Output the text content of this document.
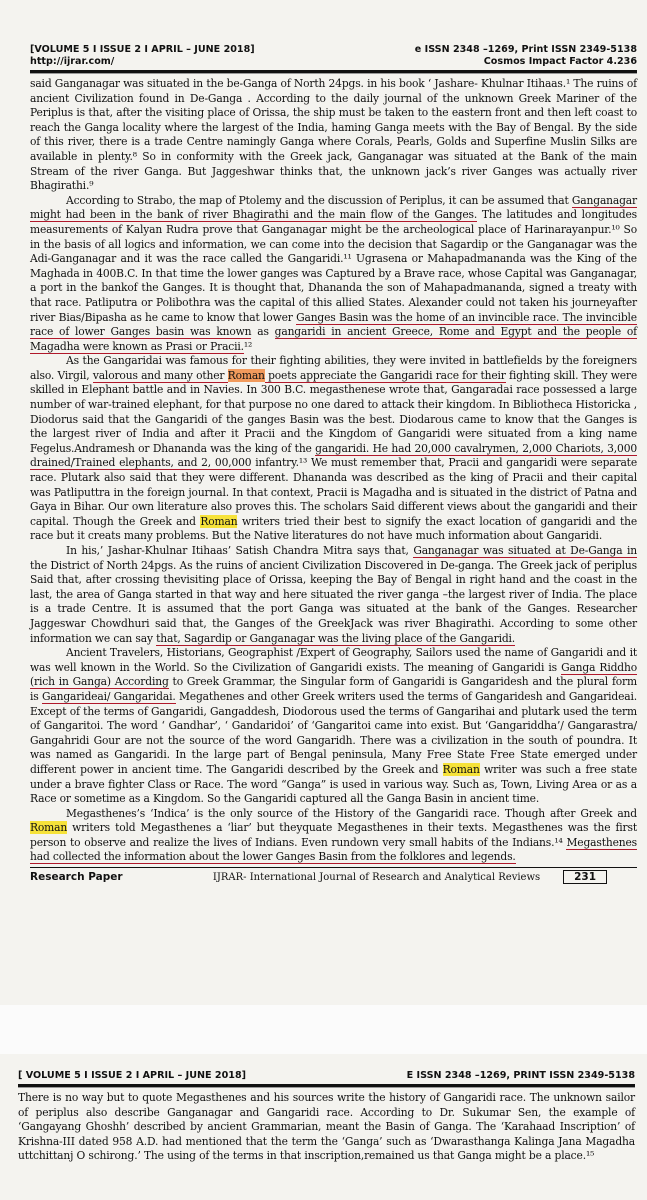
[VOLUME 5 I ISSUE 2 I APRIL – JUNE 2018]
http://ijrar.com/
e ISSN 2348 –1269, Print ISSN 2349-5138
Cosmos Impact Factor 4.236

said Ganganagar was situated in the be-Ganga of North 24pgs. in his book ‘ Jashare- Khulnar Itihaas.¹ The ruins of ancient Civilization found in De-Ganga . According to the daily journal of the unknown Greek Mariner of the Periplus is that, after the visiting place of Orissa, the ship must be taken to the eastern front and then left coast to reach the Ganga locality where the largest of the India, haming Ganga meets with the Bay of Bengal. By the side of this river, there is a trade Centre namingly Ganga where Corals, Pearls, Golds and Superfine Muslin Silks are available in plenty.⁸ So in conformity with the Greek jack, Ganganagar was situated at the Bank of the main Stream of the river Ganga. But Jaggeshwar thinks that, the unknown jack’s river Ganges was actually river Bhagirathi.⁹

According to Strabo, the map of Ptolemy and the discussion of Periplus, it can be assumed that Ganganagar might had been in the bank of river Bhagirathi and the main flow of the Ganges. The latitudes and longitudes measurements of Kalyan Rudra prove that Ganganagar might be the archeological place of Harinarayanpur.¹⁰ So in the basis of all logics and information, we can come into the decision that Sagardip or the Ganganagar was the Adi-Ganganagar and it was the race called the Gangaridi.¹¹ Ugrasena or Mahapadmananda was the King of the Maghada in 400B.C. In that time the lower ganges was Captured by a Brave race, whose Capital was Ganganagar, a port in the bankof the Ganges. It is thought that, Dhananda the son of Mahapadmananda, signed a treaty with that race. Patliputra or Polibothra was the capital of this allied States. Alexander could not taken his journeyafter river Bias/Bipasha as he came to know that lower Ganges Basin was the home of an invincible race. The invincible race of lower Ganges basin was known as gangaridi in ancient Greece, Rome and Egypt and the people of Magadha were known as Prasi or Pracii.¹²

As the Gangaridai was famous for their fighting abilities, they were invited in battlefields by the foreigners also. Virgil, valorous and many other Roman poets appreciate the Gangaridi race for their fighting skill. They were skilled in Elephant battle and in Navies. In 300 B.C. megasthenese wrote that, Gangaradai race possessed a large number of war-trained elephant, for that purpose no one dared to attack their kingdom. In Bibliotheca Historicka , Diodorus said that the Gangaridi of the ganges Basin was the best. Diodarous came to know that the Ganges is the largest river of India and after it Pracii and the Kingdom of Gangaridi were situated from a king name Fegelus.Andramesh or Dhananda was the king of the gangaridi. He had 20,000 cavalrymen, 2,000 Chariots, 3,000 drained/Trained elephants, and 2, 00,000 infantry.¹³ We must remember that, Pracii and gangaridi were separate race. Plutark also said that they were different. Dhananda was described as the king of Pracii and their capital was Patliputtra in the foreign journal. In that context, Pracii is Magadha and is situated in the district of Patna and Gaya in Bihar. Our own literature also proves this. The scholars Said different views about the gangaridi and their capital. Though the Greek and Roman writers tried their best to signify the exact location of gangaridi and the race but it creats many problems. But the Native literatures do not have much information about Gangaridi.

In his,’ Jashar-Khulnar Itihaas’ Satish Chandra Mitra says that, Ganganagar was situated at De-Ganga in the District of North 24pgs. As the ruins of ancient Civilization Discovered in De-ganga. The Greek jack of periplus Said that, after crossing thevisiting place of Orissa, keeping the Bay of Bengal in right hand and the coast in the last, the area of Ganga started in that way and here situated the river ganga –the largest river of India. The place is a trade Centre. It is assumed that the port Ganga was situated at the bank of the Ganges. Researcher Jaggeswar Chowdhuri said that, the Ganges of the GreekJack was river Bhagirathi. According to some other information we can say that, Sagardip or Ganganagar was the living place of the Gangaridi.

Ancient Travelers, Historians, Geographist /Expert of Geography, Sailors used the name of Gangaridi and it was well known in the World. So the Civilization of Gangaridi exists. The meaning of Gangaridi is Ganga Riddho (rich in Ganga) According to Greek Grammar, the Singular form of Gangaridi is Gangaridesh and the plural form is Gangarideai/ Gangaridai. Megathenes and other Greek writers used the terms of Gangaridesh and Gangarideai. Except of the terms of Gangaridi, Gangaddesh, Diodorous used the terms of Gangarihai and plutark used the term of Gangaritoi. The word ‘ Gandhar’, ‘ Gandaridoi’ of ‘Gangaritoi came into exist. But ‘Gangariddha’/ Gangarastra/ Gangahridi Gour are not the source of the word Gangaridh. There was a civilization in the south of poundra. It was named as Gangaridi. In the large part of Bengal peninsula, Many Free State Free State emerged under different power in ancient time. The Gangaridi described by the Greek and Roman writer was such a free state under a brave fighter Class or Race. The word “Ganga” is used in various way. Such as, Town, Living Area or as a Race or sometime as a Kingdom. So the Gangaridi captured all the Ganga Basin in ancient time.

Megasthenes’s ‘Indica’ is the only source of the History of the Gangaridi race. Though after Greek and Roman writers told Megasthenes a ‘liar’ but theyquate Megasthenes in their texts. Megasthenes was the first person to observe and realize the lives of Indians. Even rundown very small habits of the Indians.¹⁴ Megasthenes had collected the information about the lower Ganges Basin from the folklores and legends.

Research Paper	IJRAR- International Journal of Research and Analytical Reviews	231
[ VOLUME 5 I ISSUE 2 I APRIL – JUNE 2018]	E ISSN 2348 –1269, PRINT ISSN 2349-5138

There is no way but to quote Megasthenes and his sources write the history of Gangaridi race. The unknown sailor of periplus also describe Ganganagar and Gangaridi race. According to Dr. Sukumar Sen, the example of ‘Gangayang Ghoshh’ described by ancient Grammarian, meant the Basin of Ganga. The ‘Karahaad Inscription’ of Krishna-III dated 958 A.D. had mentioned that the term the ‘Ganga’ such as ‘Dwarasthanga Kalinga Jana Magadha uttchittanj O schirong.’ The using of the terms in that inscription,remained us that Ganga might be a place.¹⁵
